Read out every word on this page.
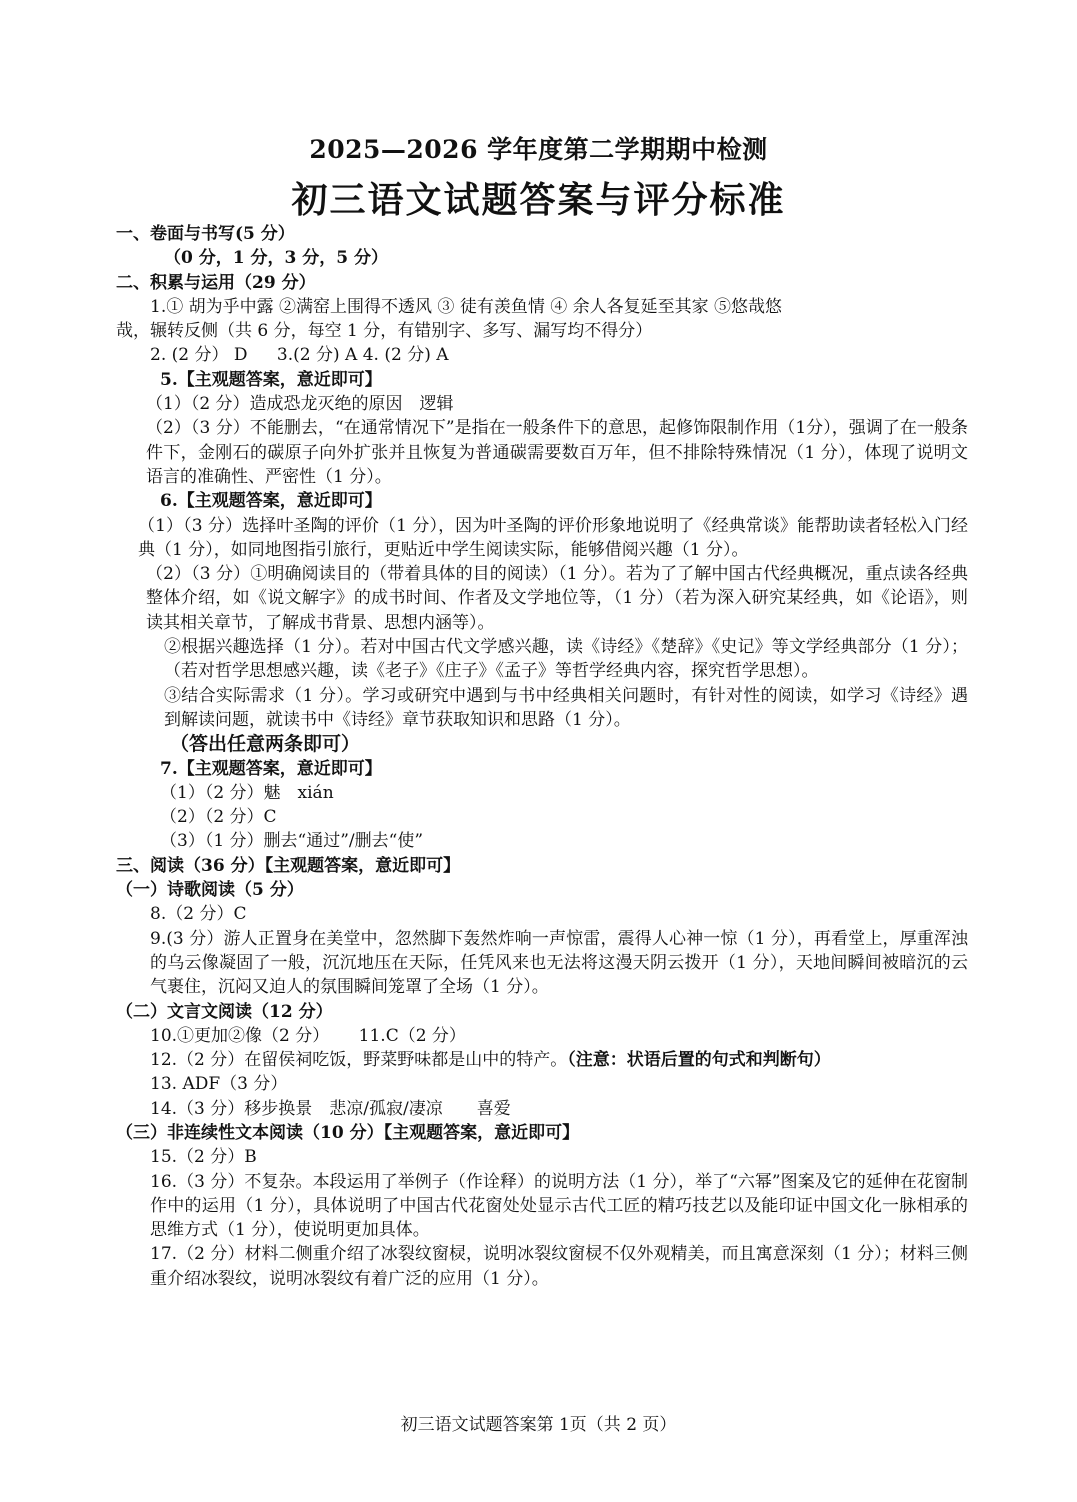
2025—2026 学年度第二学期期中检测
初三语文试题答案与评分标准
一、卷面与书写(5 分）
（0 分，1 分，3 分，5 分）
二、积累与运用（29 分）
1.① 胡为乎中露 ②满窑上围得不透风 ③ 徒有羡鱼情 ④ 余人各复延至其家 ⑤悠哉悠
哉，辗转反侧（共 6 分，每空 1 分，有错别字、多写、漏写均不得分）
2. (2 分） D 3.(2 分) A 4. (2 分) A
5.【主观题答案，意近即可】
（1）（2 分）造成恐龙灭绝的原因　逻辑
（2）（3 分）不能删去，“在通常情况下”是指在一般条件下的意思，起修饰限制作用（1分），强调了在一般条件下，金刚石的碳原子向外扩张并且恢复为普通碳需要数百万年，但不排除特殊情况（1 分），体现了说明文语言的准确性、严密性（1 分）。
6.【主观题答案，意近即可】
（1）（3 分）选择叶圣陶的评价（1 分），因为叶圣陶的评价形象地说明了《经典常谈》能帮助读者轻松入门经典（1 分），如同地图指引旅行，更贴近中学生阅读实际，能够借阅兴趣（1 分）。
（2）（3 分）①明确阅读目的（带着具体的目的阅读）（1 分）。若为了了解中国古代经典概况，重点读各经典整体介绍，如《说文解字》的成书时间、作者及文学地位等，（1 分）（若为深入研究某经典，如《论语》，则读其相关章节，了解成书背景、思想内涵等）。
②根据兴趣选择（1 分）。若对中国古代文学感兴趣，读《诗经》《楚辞》《史记》等文学经典部分（1 分）；（若对哲学思想感兴趣，读《老子》《庄子》《孟子》等哲学经典内容，探究哲学思想）。
③结合实际需求（1 分）。学习或研究中遇到与书中经典相关问题时，有针对性的阅读，如学习《诗经》遇到解读问题，就读书中《诗经》章节获取知识和思路（1 分）。
（答出任意两条即可）
7.【主观题答案，意近即可】
（1）（2 分）魅　xián
（2）（2 分）C
（3）（1 分）删去“通过”/删去“使”
三、阅读（36 分）【主观题答案，意近即可】
（一）诗歌阅读（5 分）
8.（2 分）C
9.(3 分）游人正置身在美堂中，忽然脚下轰然炸响一声惊雷，震得人心神一惊（1 分），再看堂上，厚重浑浊的乌云像凝固了一般，沉沉地压在天际，任凭风来也无法将这漫天阴云拨开（1 分），天地间瞬间被暗沉的云气裹住，沉闷又迫人的氛围瞬间笼罩了全场（1 分）。
（二）文言文阅读（12 分）
10.①更加②像（2 分） 11.C（2 分）
12.（2 分）在留侯祠吃饭，野菜野味都是山中的特产。（注意：状语后置的句式和判断句）
13. ADF（3 分）
14.（3 分）移步换景　悲凉/孤寂/凄凉　　喜爱
（三）非连续性文本阅读（10 分）【主观题答案，意近即可】
15.（2 分）B
16.（3 分）不复杂。本段运用了举例子（作诠释）的说明方法（1 分），举了“六幂”图案及它的延伸在花窗制作中的运用（1 分），具体说明了中国古代花窗处处显示古代工匠的精巧技艺以及能印证中国文化一脉相承的思维方式（1 分），使说明更加具体。
17.（2 分）材料二侧重介绍了冰裂纹窗棂，说明冰裂纹窗棂不仅外观精美，而且寓意深刻（1 分）；材料三侧重介绍冰裂纹，说明冰裂纹有着广泛的应用（1 分）。
初三语文试题答案第 1页（共 2 页）
